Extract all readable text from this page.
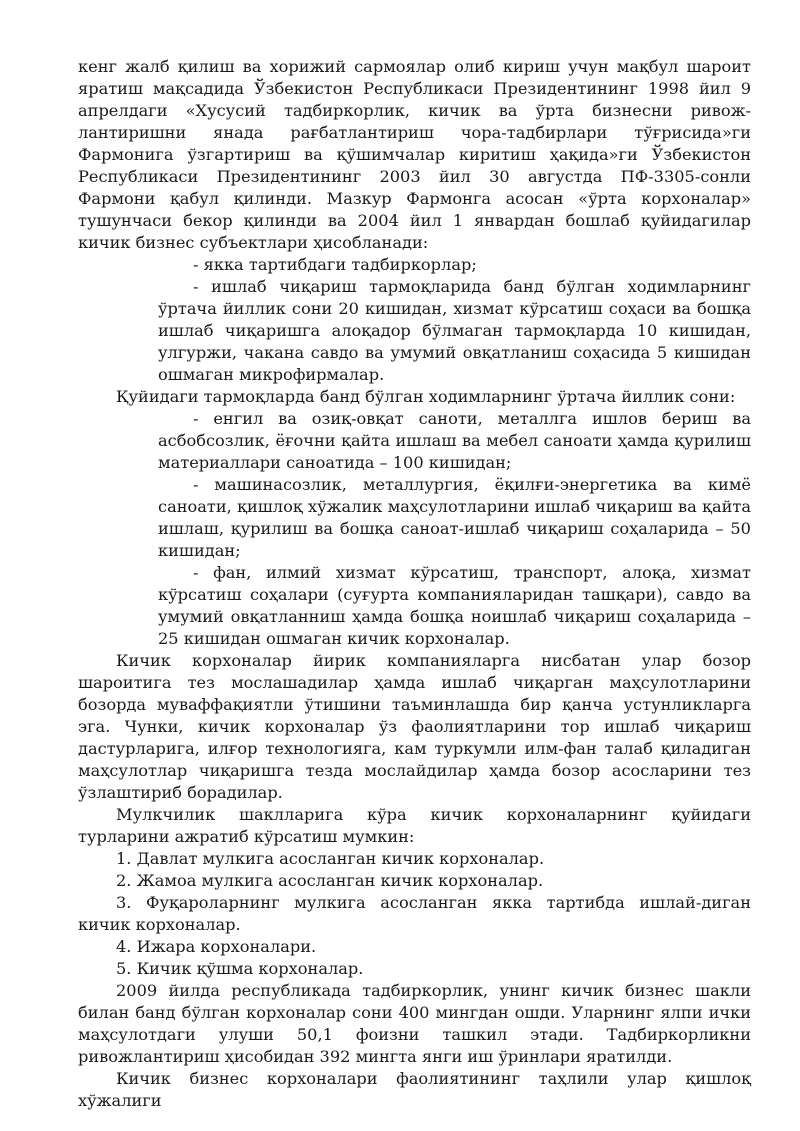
кенг жалб қилиш ва хорижий сармоялар олиб кириш учун мақбул шароит яратиш мақсадида Ўзбекистон Республикаси Президентининг 1998 йил 9 апрелдаги «Хусусий тадбиркорлик, кичик ва ўрта бизнесни ривож-лантиришни янада рағбатлантириш чора-тадбирлари тўғрисида»ги Фармонига ўзгартириш ва қўшимчалар киритиш ҳақида»ги Ўзбекистон Республикаси Президентининг 2003 йил 30 августда ПФ-3305-сонли Фармони қабул қилинди. Мазкур Фармонга асосан «ўрта корхоналар» тушунчаси бекор қилинди ва 2004 йил 1 январдан бошлаб қуйидагилар кичик бизнес субъектлари ҳисобланади:

- якка тартибдаги тадбиркорлар;

- ишлаб чиқариш тармоқларида банд бўлган ходимларнинг ўртача йиллик сони 20 кишидан, хизмат кўрсатиш соҳаси ва бошқа ишлаб чиқаришга алоқадор бўлмаган тармоқларда 10 кишидан, улгуржи, чакана савдо ва умумий овқатланиш соҳасида 5 кишидан ошмаган микрофирмалар.

Қуйидаги тармоқларда банд бўлган ходимларнинг ўртача йиллик сони:

- енгил ва озиқ-овқат саноти, металлга ишлов бериш ва асбобсозлик, ёғочни қайта ишлаш ва мебел саноати ҳамда қурилиш материаллари саноатида – 100 кишидан;

- машинасозлик, металлургия, ёқилғи-энергетика ва кимё саноати, қишлоқ хўжалик маҳсулотларини ишлаб чиқариш ва қайта ишлаш, қурилиш ва бошқа саноат-ишлаб чиқариш соҳаларида – 50 кишидан;

- фан, илмий хизмат кўрсатиш, транспорт, алоқа, хизмат кўрсатиш соҳалари (суғурта компанияларидан ташқари), савдо ва умумий овқатланниш ҳамда бошқа ноишлаб чиқариш соҳаларида – 25 кишидан ошмаган кичик корхоналар.

Кичик корхоналар йирик компанияларга нисбатан улар бозор шароитига тез мослашадилар ҳамда ишлаб чиқарган маҳсулотларини бозорда муваффақиятли ўтишини таъминлашда бир қанча устунликларга эга. Чунки, кичик корхоналар ўз фаолиятларини тор ишлаб чиқариш дастурларига, илғор технологияга, кам туркумли илм-фан талаб қиладиган маҳсулотлар чиқаришга тезда мослайдилар ҳамда бозор асосларини тез ўзлаштириб борадилар.

Мулкчилик шаклларига кўра кичик корхоналарнинг қуйидаги турларини ажратиб кўрсатиш мумкин:

1. Давлат мулкига асосланган кичик корхоналар.

2. Жамоа мулкига асосланган кичик корхоналар.

3. Фуқароларнинг мулкига асосланган якка тартибда ишлай-диган кичик корхоналар.

4. Ижара корхоналари.

5. Кичик қўшма корхоналар.

2009 йилда республикада тадбиркорлик, унинг кичик бизнес шакли билан банд бўлган корхоналар сони 400 мингдан ошди. Уларнинг ялпи ички маҳсулотдаги улуши 50,1 фоизни ташкил этади. Тадбиркорликни ривожлантириш ҳисобидан 392 мингта янги иш ўринлари яратилди.

Кичик бизнес корхоналари фаолиятининг таҳлили улар қишлоқ хўжалиги
